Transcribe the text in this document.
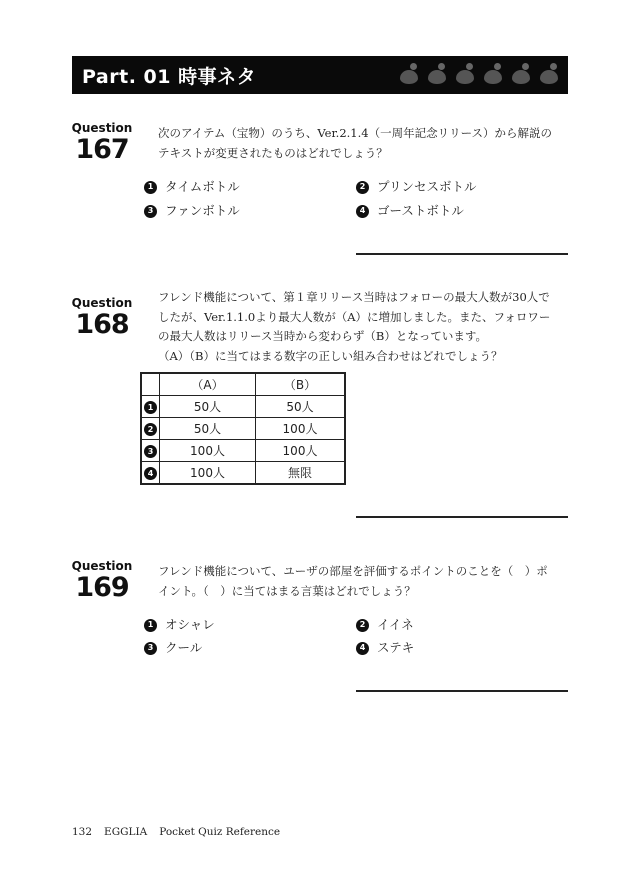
Part. 01 時事ネタ
Question
167
次のアイテム（宝物）のうち、Ver.2.1.4（一周年記念リリース）から解説の
テキストが変更されたものはどれでしょう？
1 タイムボトル	2 プリンセスボトル
3 ファンボトル	4 ゴーストボトル
Question
168
フレンド機能について、第１章リリース当時はフォローの最大人数が30人で
したが、Ver.1.1.0より最大人数が（A）に増加しました。また、フォロワー
の最大人数はリリース当時から変わらず（B）となっています。
（A）（B）に当てはまる数字の正しい組み合わせはどれでしょう？
	（A）	（B）
1	50人	50人
2	50人	100人
3	100人	100人
4	100人	無限
Question
169
フレンド機能について、ユーザの部屋を評価するポイントのことを（　）ポ
イント。（　）に当てはまる言葉はどれでしょう？
1 オシャレ	2 イイネ
3 クール	4 ステキ
132 EGGLIA Pocket Quiz Reference
